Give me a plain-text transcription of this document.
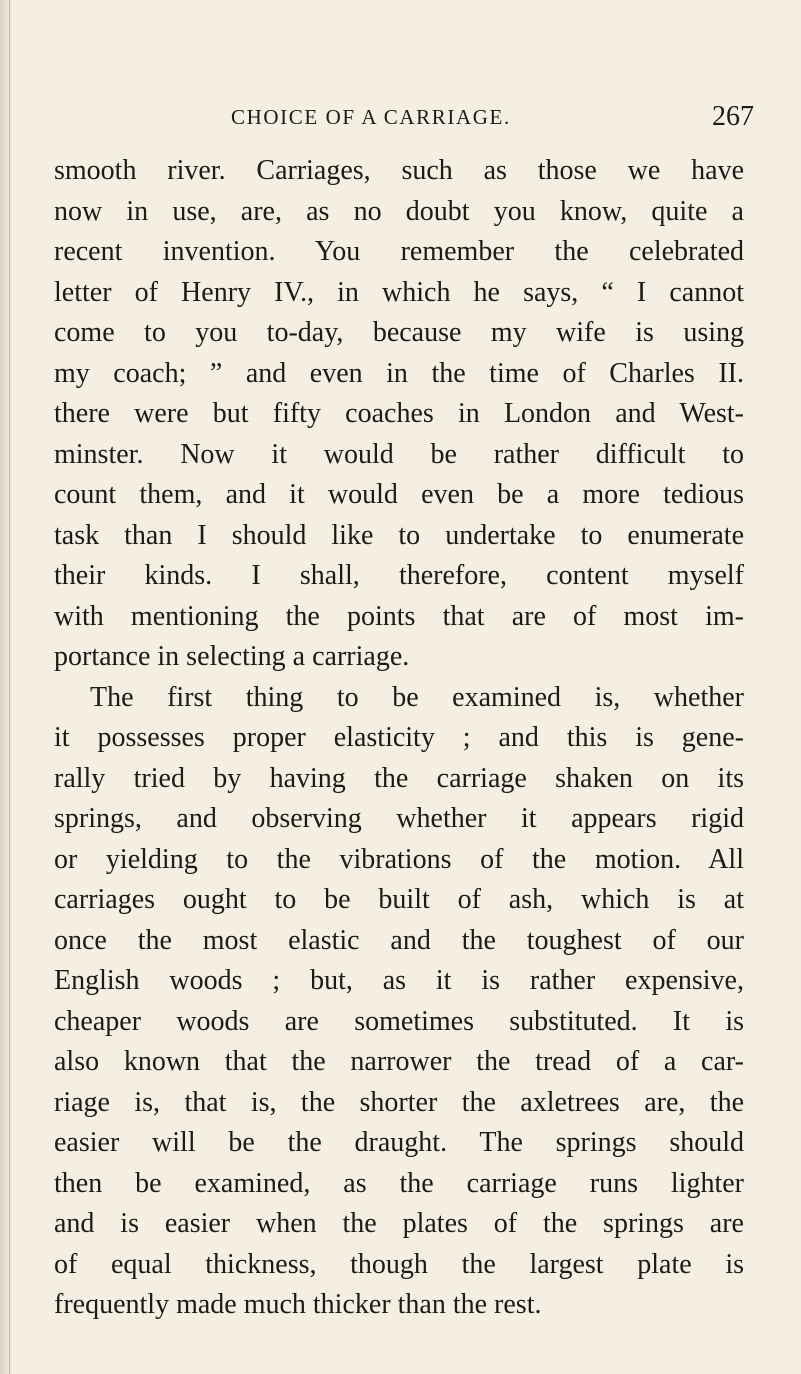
CHOICE OF A CARRIAGE.	267
smooth river. Carriages, such as those we have
now in use, are, as no doubt you know, quite a
recent invention. You remember the celebrated
letter of Henry IV., in which he says, “ I cannot
come to you to-day, because my wife is using
my coach; ” and even in the time of Charles II.
there were but fifty coaches in London and West-
minster. Now it would be rather difficult to
count them, and it would even be a more tedious
task than I should like to undertake to enumerate
their kinds. I shall, therefore, content myself
with mentioning the points that are of most im-
portance in selecting a carriage.
The first thing to be examined is, whether
it possesses proper elasticity ; and this is gene-
rally tried by having the carriage shaken on its
springs, and observing whether it appears rigid
or yielding to the vibrations of the motion. All
carriages ought to be built of ash, which is at
once the most elastic and the toughest of our
English woods ; but, as it is rather expensive,
cheaper woods are sometimes substituted. It is
also known that the narrower the tread of a car-
riage is, that is, the shorter the axletrees are, the
easier will be the draught. The springs should
then be examined, as the carriage runs lighter
and is easier when the plates of the springs are
of equal thickness, though the largest plate is
frequently made much thicker than the rest.
